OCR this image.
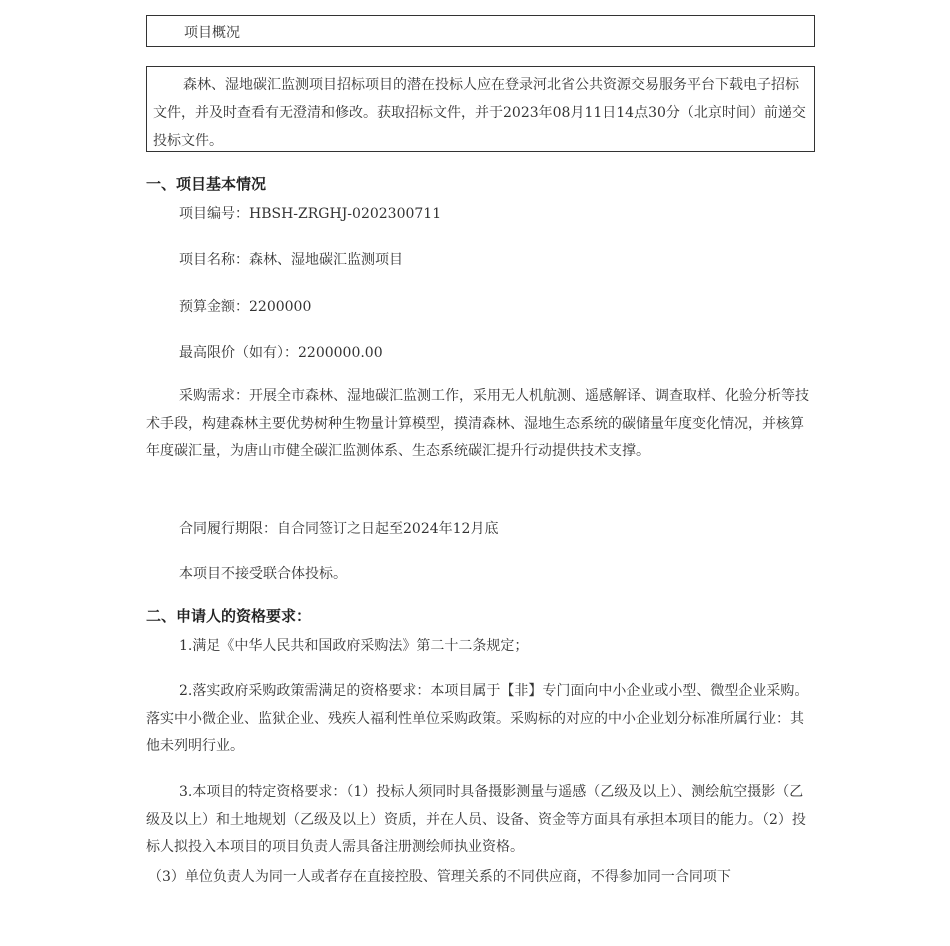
项目概况
森林、湿地碳汇监测项目招标项目的潜在投标人应在登录河北省公共资源交易服务平台下载电子招标文件，并及时查看有无澄清和修改。获取招标文件，并于2023年08月11日14点30分（北京时间）前递交投标文件。
一、项目基本情况
项目编号：HBSH-ZRGHJ-0202300711
项目名称：森林、湿地碳汇监测项目
预算金额：2200000
最高限价（如有）：2200000.00
采购需求：开展全市森林、湿地碳汇监测工作，采用无人机航测、遥感解译、调查取样、化验分析等技术手段，构建森林主要优势树种生物量计算模型，摸清森林、湿地生态系统的碳储量年度变化情况，并核算年度碳汇量，为唐山市健全碳汇监测体系、生态系统碳汇提升行动提供技术支撑。
合同履行期限：自合同签订之日起至2024年12月底
本项目不接受联合体投标。
二、申请人的资格要求：
1.满足《中华人民共和国政府采购法》第二十二条规定；
2.落实政府采购政策需满足的资格要求：本项目属于【非】专门面向中小企业或小型、微型企业采购。落实中小微企业、监狱企业、残疾人福利性单位采购政策。采购标的对应的中小企业划分标准所属行业：其他未列明行业。
3.本项目的特定资格要求：（1）投标人须同时具备摄影测量与遥感（乙级及以上）、测绘航空摄影（乙级及以上）和土地规划（乙级及以上）资质，并在人员、设备、资金等方面具有承担本项目的能力。（2）投标人拟投入本项目的项目负责人需具备注册测绘师执业资格。
（3）单位负责人为同一人或者存在直接控股、管理关系的不同供应商，不得参加同一合同项下
